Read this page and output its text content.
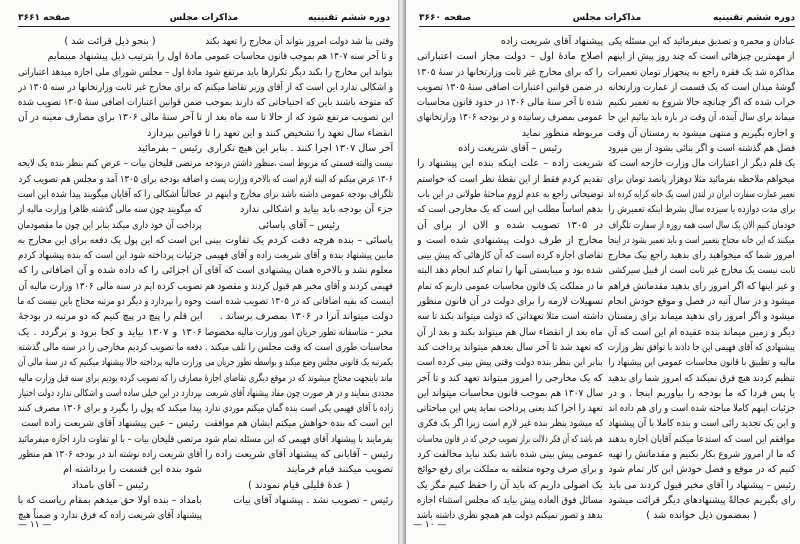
صفحه ۳۶۶۱	مذاکرات مجلس	دوره ششم تقنینیه
وقتی بنا شد دولت امروز بتواند آن مخارج را تعهد بکند
و تا آخر سنه ۱۳۰۷ هم بموجب قانون محاسبات عمومی
بتواند این مخارج را بکند دیگر تکرارها باید مرتفع شود
و اشکالی ندارد این است که از آقای وزیر تقاضا میکنم
که متوجه باشند باین که احتیاجاتی که دارند بموجب
این تصویب مرتفع شود که از حالا تا سه ماه بعد از
انقضاء سال تعهد را تشخیص کنند و این تعهد را تا
آخر سال ۱۳۰۷ اجرا کنند . بنابر این هیچ تکراری
نیست والبته قسمتی که مربوط است ،منظور داشتن دربودجه
۱۳۰۶ عرض میکنم که البته لازم است که بالاخره وزارت پست و
تلگراف بودجه عمومی داشته باشد برای مخارج و اینهم در
جزء آن بودجه باید بیاید و اشکالی ندارد
رئیس – آقای یاسائی
یاسائی – بنده هرچه دقت کردم یک تفاوت بینی
مابین پیشنهاد بنده و آقای شریعت زاده و آقای فهیمی
معلوم نشد و بالاخره همان پیشنهادی است که آقای
فهیمی کردند و آقای مخبر هم قبول کردند و مقصود هم
اینست که بقیه اضافاتی که در ۱۳۰۵ تصویب شده است
دولت میتواند آنرا در ۱۳۰۶ بمصرف برساند .
مخبر – متاسفانه تطور جریان امور وزارت مالیه مخصوصا
محاسبات طوری است که وقت مجلس را تلف میکند .
یکمرتبه یک قانونی مجلس وضع میکند و بواسطه تطور جریان می
ماند باینجهت محتاج میشوند که در موقع دیگری تقاضای اجازهٔ
مجددی بنمایند و در هر صورت چون مفاد پیشنهاد آقای شریعت
زاده با آقای فهیمی یکی است بنده گمان میکنم موردی ندارد
این است که بنده خواهش میکنم ایشان هم موافقت
بفرمایند با پیشنهاد آقای فهیمی که این مسئله تمام شود
رئیس – آقایانی که پیشنهاد آقای شریعت زاده را
تصویب میکنند قیام فرمایند
( عدهٔ قلیلی قیام نمودند )
رئیس – تصویب نشد . پیشنهاد آقای بیات
( بنحو ذیل قرائت شد )
مادهٔ اول را بترتیب ذیل پیشنهاد مینمایم
مادهٔ اول – مجلس شورای ملی اجازه میدهد اعتباراتی
که برای مخارج غیر ثابت وزارتخانها در سنه ۱۳۰۵ در
ضمن قوانین اعتبارات اضافی سنهٔ ۱۳۰۵ تصویب شده
تا آخر سنهٔ مالی ۱۳۰۶ برای مصارف معینه در آن
قوانین بپردازد
رئیس – بفرمائید
مرتضی قلیخان بیات – عرض کنم بنظر بنده یک لایحه
اضافه بودجه برای ۱۳۰۵ آمد و مجلس هم تصویب کرد
عجالتاً اشکالی را که آقایان میگویند پیدا شده این است
که میگویند چون سنه مالی گذشته ظاهرا وزارت مالیه از
پرداخت آن خود داری میکند بنابر این چون ما مقصودمان
این است که این پول یک دفعه برای این مخارج به
جزئیات پرداخته شود این است که بنده پیشنهاد کردم
آن اجزائی را که داده شده و آن اضافاتی را که
تصویب کرده ایم در سنه مالی ۱۳۰۶ وزارت مالیه آن
وجوه را بپردازد و دیگر دو مرتبه محتاج باین نیست که ما
این قلم را پیچ در پیچ کنیم که دو مرتبه در بودجهٔ
۱۳۰۶ و ۱۳۰۷ بیاید و کجا برود و برگردد . یک
دفعه ما تصویب کردیم مخارجی را در سنه مالی گذشته
وزارت مالیه پرداخته حالا پیشنهاد میکنیم که در سنهٔ مالی آن
مصارف را که تصویب کرده بودیم برای سنه قبل وزارت مالیه
بپردازد در این خیلی ساده است و اشکالی ندارد دولت اختیار
پیدا میکند که پول را بگیرد و برای ۱۳۰۶ مصرف کنند
رئیس – عین پیشنهاد آقای شریعت زاده است
مرتضی قلیخان بیات – با او تفاوت دارد اجازه میفرمائید
آقای شریعت زاده نوشته اند در بودجه ۱۳۰۶ هم منظور
شود بنده این قسمت را برداشته ام
رئیس – آقای بامداد
بامداد – بنده اولا حق میدهم بمقام ریاست که با
پیشنهاد آقای شریعت زاده که فرق ندارد و ضمناً هیچ
— ۱۱ —
صفحه ۳۶۶۰	مذاکرات مجلس	دوره ششم تقنینیه
عبادان و محمره و تصدیق میفرمائید که این مسئله یکی
از مهمترین چیزهائی است که چند روز پیش از اینهم
مذاکره شد یک فقره راجع به پنجهزار تومان تعمیرات
گوشهٔ میدان است که یک قسمت از عمارت وزارتخانه
خراب شده که اگر چنانچه حالا شروع به تعمیر نکنیم
میماند برای سال آینده، آن وقت در باره باید بیائیم این جا
و اجازه بگیریم و منتهی میشود به زمستان آن وقت
فصل هم گذشته است و اگر بنائی بشود از بین میرود
یک قلم دیگر از اعتبارات مال وزارت خارجه است که
میخواهم ملاحظه بفرمائید مثلا دوهزار پانصد تومان برای
تعمیر عمارت سفارت ایران در لندن است یک خانه کرایه کرده اند
برای مدت دوازده یا سیزده سال بشرط اینکه تعمیرش را
خودمان کنیم الان یک سال است همه روزه از سفارت تلگراف
میکنند که این خانه محتاج بتعمیر است و باید تعمیر بشود در اینجا
امروز شما که میخواهید رای بدهید راجع بیک مخارج
ثابت نیست یک مخارج غیر ثابت است از قبیل سیرکشی
و غیر اینها که اگر امروز رای بدهید مقدماتش فراهم
میشود و در سال آتیه در فصل و موقع خودش انجام
میشود و اگر امروز رای ندهید میماند برای زمستان
دیگر و زمین میماند بنده عقیده ام این است که آن
پیشنهادی که آقای فهیمی این جا دادند با توافق نظر وزارت
مالیه و تطبیق با قانون محاسبات عمومی این پیشنهاد را
تنظیم کردند هیچ فرق نمیکند که امروز شما رای بدهید
یا پس فردا که ما بودجه را بیاوریم اینجا . و در
جزئیات اینهم کاملا مباحثه شده است و رای هم داده اند
و این یک تجدید رائی است و بنده کاملا با آن پیشنهاد
موافقم این است که استدعا میکنم آقایان اجازه بدهند
که ما از امروز شروع بکار بکنیم و مقدماتش را تهیه
کنیم که در موقع و فصل خودش این کار تمام شود
رئیس – پیشنهاد را آقای مخبر قبول کردند می باید
رای بگیریم عجالةً پیشنهادهای دیگر قرائت میشود
( بمضمون ذیل خوانده شد )
پیشنهاد آقای شریعت زاده
اصلاح مادهٔ اول – دولت مجاز است اعتباراتی
را که برای مخارج غیر ثابت وزارتخانها در سنهٔ ۱۳۰۵
در ضمن قوانین اعتبارات اضافی سنهٔ ۱۳۰۵ تصویب
شده تا آخر سنهٔ مالی ۱۳۰۶ در حدود قانون محاسبات
عمومی بمصرف رسانیده و در بودجه ۱۳۰۶ وزارتخانهای
مربوطه منظور نماید
رئیس – آقای شریعت زاده
شریعت زاده – علت اینکه بنده این پیشنهاد را
تقدیم کردم فقط از این نقطهٔ نظر است که خواستم
توضیحاتی راجع به عدم لزوم مباحثهٔ طولانی در این باب
بدهم اساساً مطلب این است که یک مخارجی است که
در ۱۳۰۵ تصویب شده و الان از برای آن
مخارج از طرف دولت پیشنهادی شده است و
تقاضای اجازه کرده است که آن کارهائی که پیش بینی
شده بود و میبایستی آنها را تمام کند انجام دهد البته
ما در مملکت یک قانون محاسبات عمومی داریم که تمام
تسهیلات لازمه را برای دولت در آن قانون منظور
داشته است مثلا تعهداتی که دولت میتواند بکند تا سه
ماه بعد از انقضاء سال هم میتواند بکند و بعد از آن
که تعهد شد تا آخر سال بعدهم میتواند پرداخت کند
بنابر این بنظر بنده دولت وقتی پیش بینی کرده است
که یک مخارجی را امروز میتواند تعهد کند و تا آخر
سال ۱۳۰۷ هم بموجب قانون محاسبات میتواند این
تعهد را اجرا کند یعنی پرداخت نماید پس این مباحثاتی
که میشود بنظر بنده غیر لازم است زیرا اگر یک فکری
هم باشد که آن فکر دلالت براز تصویب خرجی که در قانون محاسبات
عمومی پیش بینی شده باشد بکند نباید مخالفت کرد
و برای صرف وجوه متعلقه به مملکت برای رفع حوائج
یک اصولی داریم که باید آن را حفظ کنیم مگر یک
مسائل فوق العاده پیش بیاید که مجلس استثناء اجازه
بدهد و تصور نمیکنم دولت هم همچو نظری داشته باشد
— ۱۰ —
